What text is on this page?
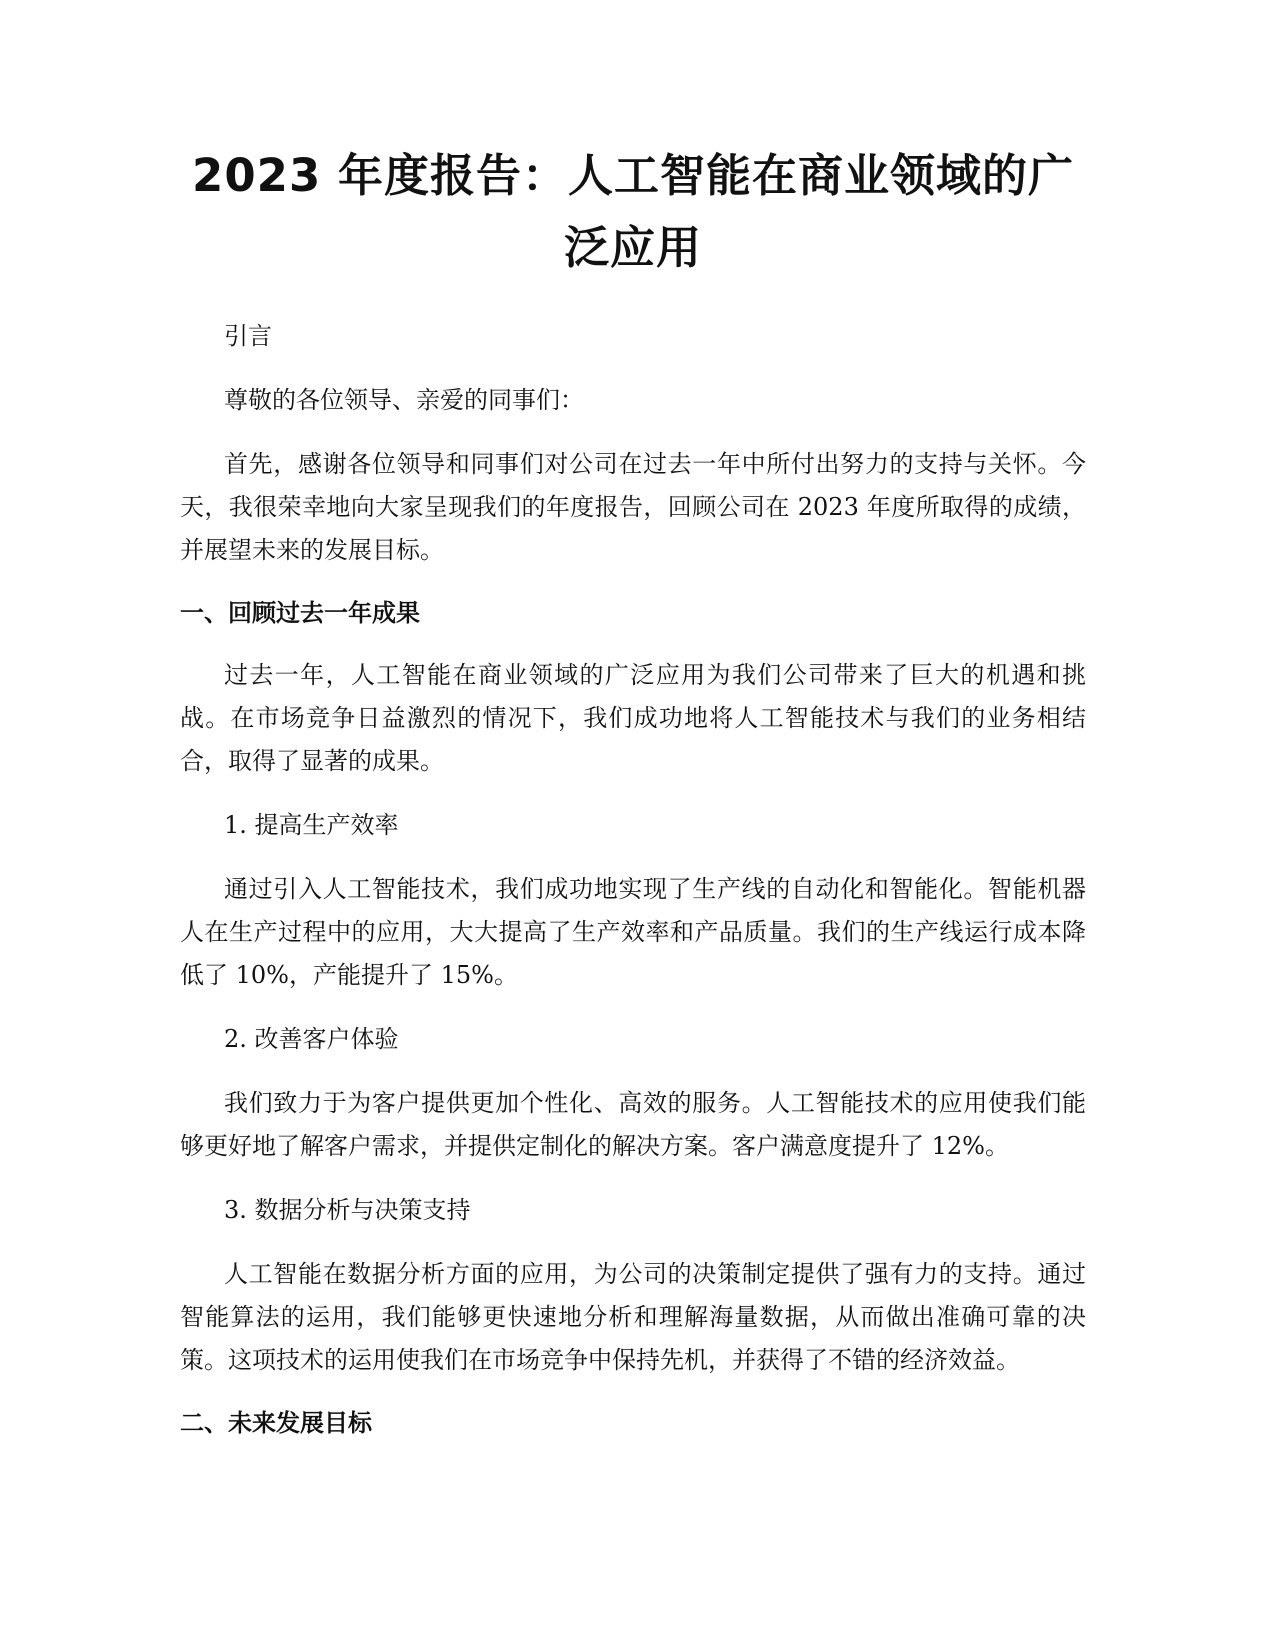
2023 年度报告：人工智能在商业领域的广泛应用

引言

尊敬的各位领导、亲爱的同事们：

首先，感谢各位领导和同事们对公司在过去一年中所付出努力的支持与关怀。今天，我很荣幸地向大家呈现我们的年度报告，回顾公司在 2023 年度所取得的成绩，并展望未来的发展目标。

一、回顾过去一年成果

过去一年，人工智能在商业领域的广泛应用为我们公司带来了巨大的机遇和挑战。在市场竞争日益激烈的情况下，我们成功地将人工智能技术与我们的业务相结合，取得了显著的成果。

1. 提高生产效率

通过引入人工智能技术，我们成功地实现了生产线的自动化和智能化。智能机器人在生产过程中的应用，大大提高了生产效率和产品质量。我们的生产线运行成本降低了 10%，产能提升了 15%。

2. 改善客户体验

我们致力于为客户提供更加个性化、高效的服务。人工智能技术的应用使我们能够更好地了解客户需求，并提供定制化的解决方案。客户满意度提升了 12%。

3. 数据分析与决策支持

人工智能在数据分析方面的应用，为公司的决策制定提供了强有力的支持。通过智能算法的运用，我们能够更快速地分析和理解海量数据，从而做出准确可靠的决策。这项技术的运用使我们在市场竞争中保持先机，并获得了不错的经济效益。

二、未来发展目标
